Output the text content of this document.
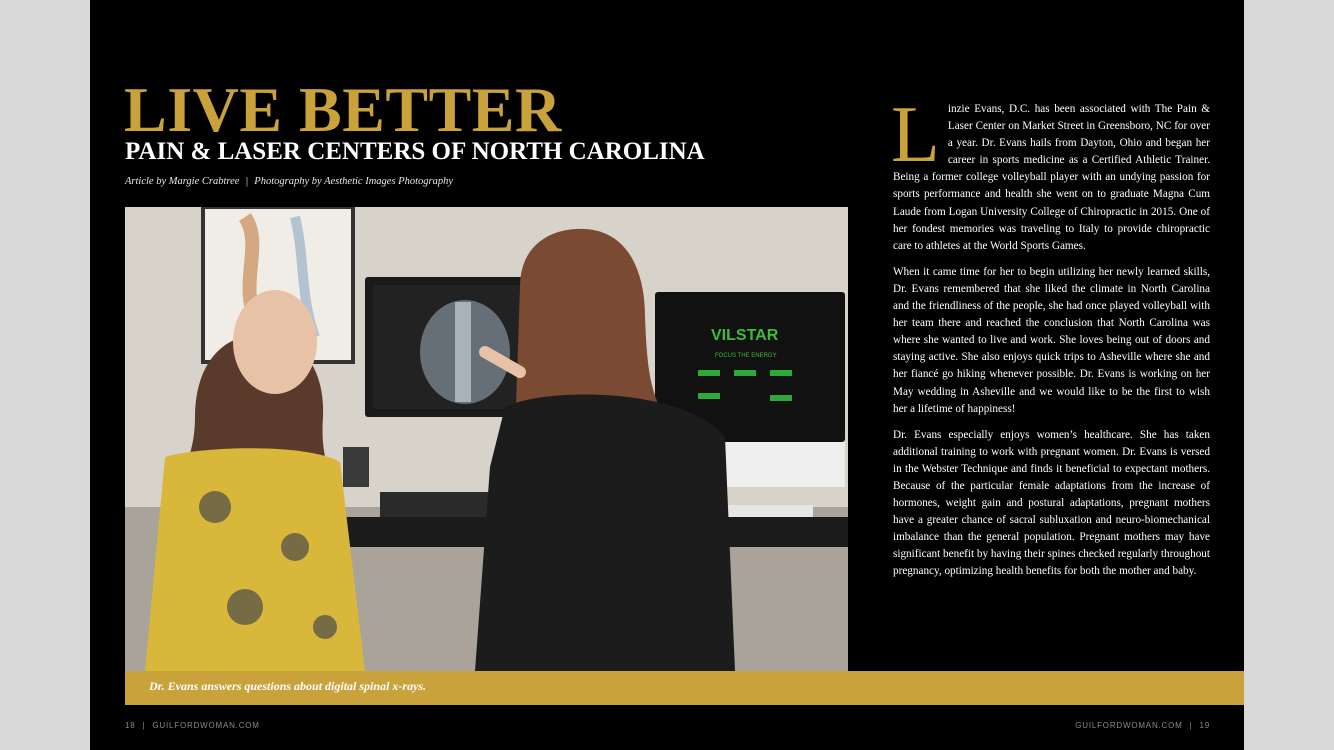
LIVE BETTER
PAIN & LASER CENTERS OF NORTH CAROLINA
Article by Margie Crabtree | Photography by Aesthetic Images Photography
VILSTAR
FOCUS THE ENERGY
Dr. Evans answers questions about digital spinal x-rays.

Linzie Evans, D.C. has been associated with The Pain & Laser Center on Market Street in Greensboro, NC for over a year. Dr. Evans hails from Dayton, Ohio and began her career in sports medicine as a Certified Athletic Trainer. Being a former college volleyball player with an undying passion for sports performance and health she went on to graduate Magna Cum Laude from Logan University College of Chiropractic in 2015. One of her fondest memories was traveling to Italy to provide chiropractic care to athletes at the World Sports Games.

When it came time for her to begin utilizing her newly learned skills, Dr. Evans remembered that she liked the climate in North Carolina and the friendliness of the people, she had once played volleyball with her team there and reached the conclusion that North Carolina was where she wanted to live and work. She loves being out of doors and staying active. She also enjoys quick trips to Asheville where she and her fiancé go hiking whenever possible. Dr. Evans is working on her May wedding in Asheville and we would like to be the first to wish her a lifetime of happiness!

Dr. Evans especially enjoys women’s healthcare. She has taken additional training to work with pregnant women. Dr. Evans is versed in the Webster Technique and finds it beneficial to expectant mothers. Because of the particular female adaptations from the increase of hormones, weight gain and postural adaptations, pregnant mothers have a greater chance of sacral subluxation and neuro-biomechanical imbalance than the general population. Pregnant mothers may have significant benefit by having their spines checked regularly throughout pregnancy, optimizing health benefits for both the mother and baby.

18 | GUILFORDWOMAN.COM	GUILFORDWOMAN.COM | 19
